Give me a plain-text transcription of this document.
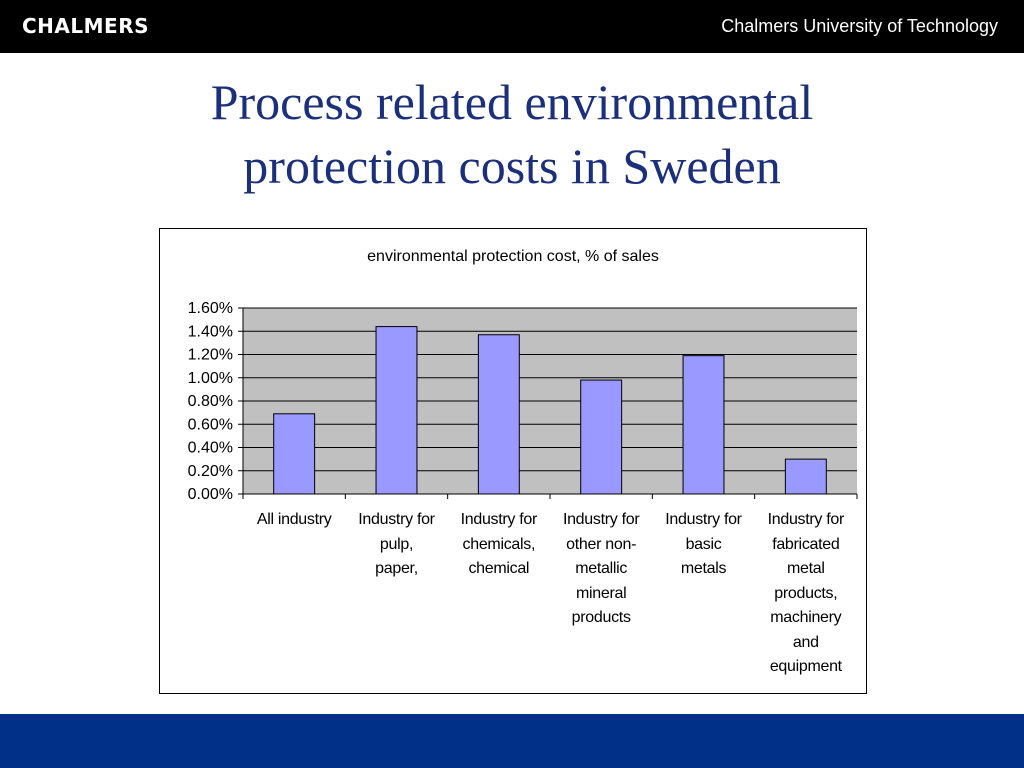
CHALMERS	Chalmers University of Technology
Process related environmental
protection costs in Sweden
environmental protection cost, % of sales
0.00%
0.20%
0.40%
0.60%
0.80%
1.00%
1.20%
1.40%
1.60%
All industry	Industry for
pulp,
paper,
Industry for
chemicals,
chemical
Industry for
other non-
metallic
mineral
products
Industry for
basic
metals
Industry for
fabricated
metal
products,
machinery
and
equipment
